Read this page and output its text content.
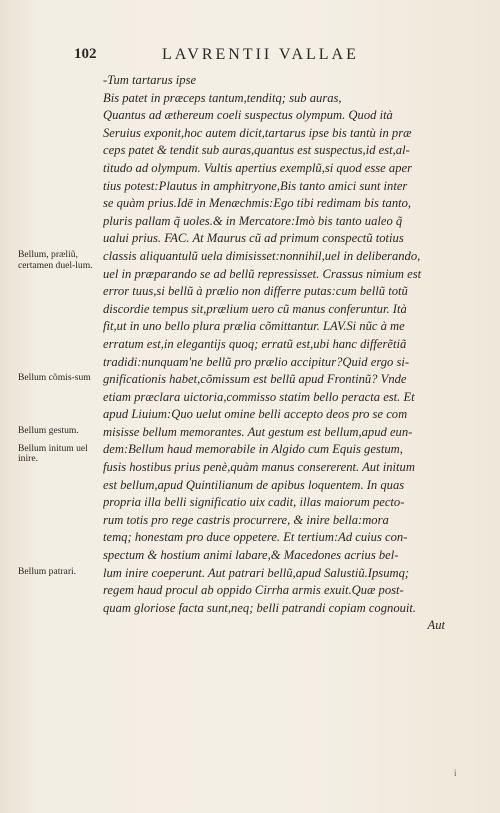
102	LAVRENTII VALLAE
-Tum tartarus ipse
Bis patet in præceps tantum,tenditq; sub auras,
Quantus ad æthereum coeli suspectus olympum. Quod ità
Seruius exponit,hoc autem dicit,tartarus ipse bis tantù in præ
ceps patet & tendit sub auras,quantus est suspectus,id est,al-
titudo ad olympum. Vultis apertius exemplũ,si quod esse aper
tius potest:Plautus in amphitryone,Bis tanto amici sunt inter
se quàm prius.Idē in Menæchmis:Ego tibi redimam bis tanto,
pluris pallam q̃ uoles.& in Mercatore:Imò bis tanto ualeo q̃
ualui prius. FAC. At Maurus cũ ad primum conspectũ totius
classis aliquantulũ uela dimisisset:nonnihil,uel in deliberando,
uel in præparando se ad bellũ repressisset. Crassus nimium est
error tuus,si bellũ à prælio non differre putas:cum bellũ totũ
discordie tempus sit,prælium uero cũ manus conferuntur. Ità
fit,ut in uno bello plura prælia cõmittantur. LAV.Si nũc à me
erratum est,in elegantijs quoq; erratũ est,ubi hanc differẽtiã
tradidi:nunquam'ne bellũ pro prælio accipitur?Quid ergo si-
gnificationis habet,cõmissum est bellũ apud Frontinũ? Vnde
etiam præclara uictoria,commisso statim bello peracta est. Et
apud Liuium:Quo uelut omine belli accepto deos pro se com
misisse bellum memorantes. Aut gestum est bellum,apud eun-
dem:Bellum haud memorabile in Algido cum Equis gestum,
fusis hostibus prius penè,quàm manus consererent. Aut initum
est bellum,apud Quintilianum de apibus loquentem. In quas
propria illa belli significatio uix cadit, illas maiorum pecto-
rum totis pro rege castris procurrere, & inire bella:mora
temq; honestam pro duce oppetere. Et tertium:Ad cuius con-
spectum & hostium animi labare,& Macedones acrius bel-
lum inire coeperunt. Aut patrari bellũ,apud Salustiũ.Ipsumq;
regem haud procul ab oppido Cirrha armis exuit.Quæ post-
quam gloriose facta sunt,neq; belli patrandi copiam cognouit.
Aut
Bellum, præliũ, certamen duel-lum.
Bellum cõmis-sum
Bellum gestum.
Bellum initum uel inire.
Bellum patrari.
i
